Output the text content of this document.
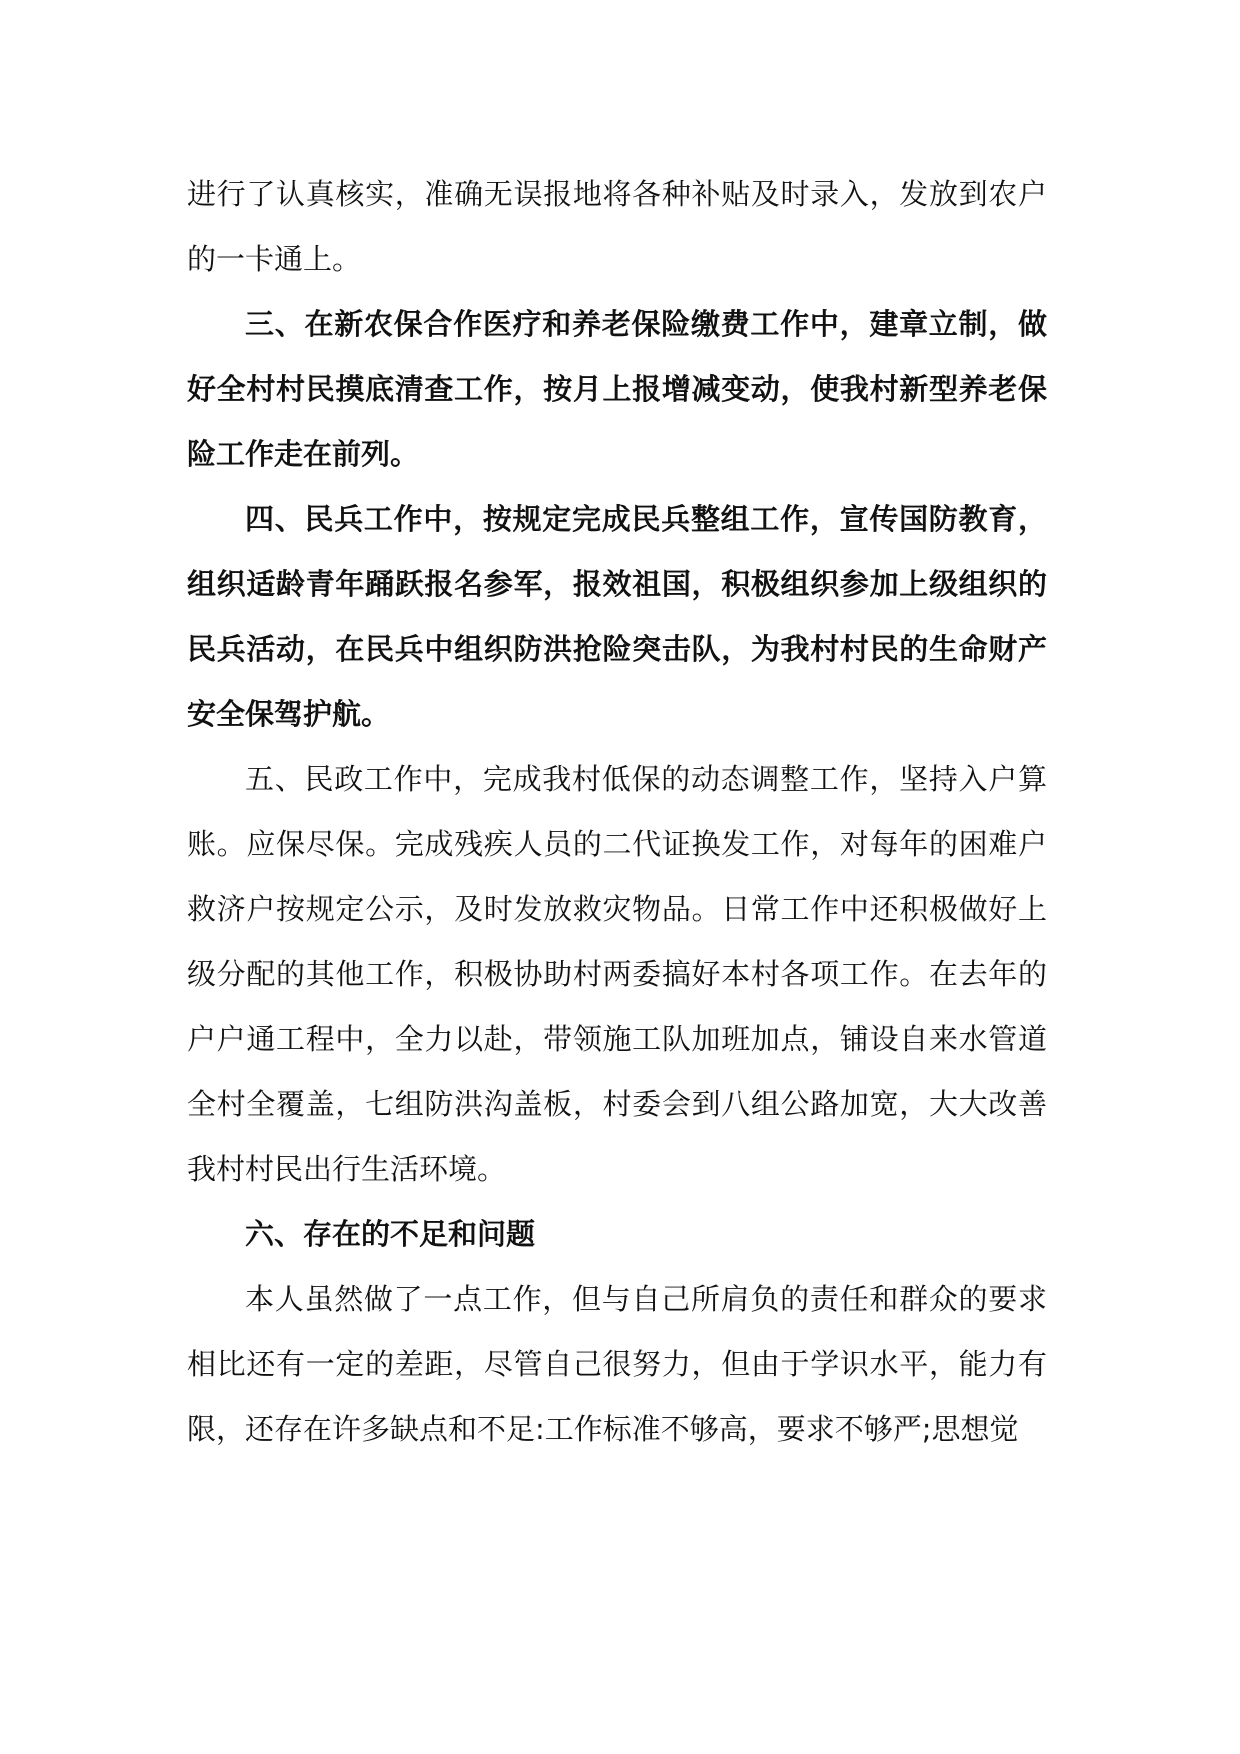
进行了认真核实，准确无误报地将各种补贴及时录入，发放到农户的一卡通上。

三、在新农保合作医疗和养老保险缴费工作中，建章立制，做好全村村民摸底清查工作，按月上报增减变动，使我村新型养老保险工作走在前列。

四、民兵工作中，按规定完成民兵整组工作，宣传国防教育，组织适龄青年踊跃报名参军，报效祖国，积极组织参加上级组织的民兵活动，在民兵中组织防洪抢险突击队，为我村村民的生命财产安全保驾护航。

五、民政工作中，完成我村低保的动态调整工作，坚持入户算账。应保尽保。完成残疾人员的二代证换发工作，对每年的困难户救济户按规定公示，及时发放救灾物品。日常工作中还积极做好上级分配的其他工作，积极协助村两委搞好本村各项工作。在去年的户户通工程中，全力以赴，带领施工队加班加点，铺设自来水管道全村全覆盖，七组防洪沟盖板，村委会到八组公路加宽，大大改善我村村民出行生活环境。

六、存在的不足和问题

本人虽然做了一点工作，但与自己所肩负的责任和群众的要求相比还有一定的差距，尽管自己很努力，但由于学识水平，能力有限，还存在许多缺点和不足:工作标准不够高，要求不够严;思想觉
